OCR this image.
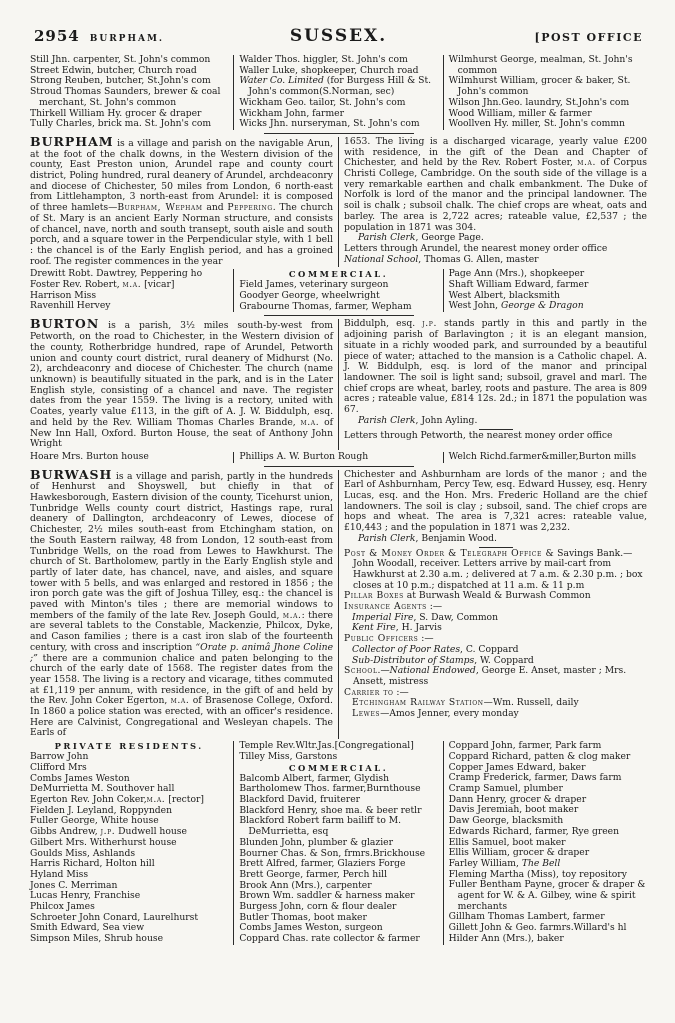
2954 BURPHAM.	SUSSEX.	[POST OFFICE
Still Jhn. carpenter, St. John's common
Street Edwin, butcher, Church road
Strong Reuben, butcher, St.John's com
Stroud Thomas Saunders, brewer & coal merchant, St. John's common
Thirkell William Hy. grocer & draper
Tully Charles, brick ma. St. John's com
Walder Thos. higgler, St. John's com
Waller Luke, shopkeeper, Church road
Water Co. Limited (for Burgess Hill & St. John's common(S.Norman, sec)
Wickham Geo. tailor, St. John's com
Wickham John, farmer
Wicks Jhn. nurseryman, St. John's com
Wilmhurst George, mealman, St. John's common
Wilmhurst William, grocer & baker, St. John's common
Wilson Jhn.Geo. laundry, St.John's com
Wood William, miller & farmer
Woollven Hy. miller, St. John's commn
BURPHAM is a village and parish on the navigable Arun, at the foot of the chalk downs, in the Western division of the county, East Preston union, Arundel rape and county court district, Poling hundred, rural deanery of Arundel, archdeaconry and diocese of Chichester, 50 miles from London, 6 north-east from Littlehampton, 3 north-east from Arundel: it is composed of three hamlets—Burpham, Wepham and Peppering. The church of St. Mary is an ancient Early Norman structure, and consists of chancel, nave, north and south transept, south aisle and south porch, and a square tower in the Perpendicular style, with 1 bell : the chancel is of the Early English period, and has a groined roof. The register commences in the year
1653. The living is a discharged vicarage, yearly value £200 with residence, in the gift of the Dean and Chapter of Chichester, and held by the Rev. Robert Foster, m.a. of Corpus Christi College, Cambridge. On the south side of the village is a very remarkable earthen and chalk embankment. The Duke of Norfolk is lord of the manor and the principal landowner. The soil is chalk ; subsoil chalk. The chief crops are wheat, oats and barley. The area is 2,722 acres; rateable value, £2,537 ; the population in 1871 was 304.
Parish Clerk, George Page.
Letters through Arundel, the nearest money order office
National School, Thomas G. Allen, master
Drewitt Robt. Dawtrey, Peppering ho
Foster Rev. Robert, m.a. [vicar]
Harrison Miss
Ravenhill Hervey
COMMERCIAL.
Field James, veterinary surgeon
Goodyer George, wheelwright
Grabourne Thomas, farmer, Wepham
Page Ann (Mrs.), shopkeeper
Shaft William Edward, farmer
West Albert, blacksmith
West John, George & Dragon
BURTON is a parish, 3½ miles south-by-west from Petworth, on the road to Chichester, in the Western division of the county, Rotherbridge hundred, rape of Arundel, Petworth union and county court district, rural deanery of Midhurst (No. 2), archdeaconry and diocese of Chichester. The church (name unknown) is beautifully situated in the park, and is in the Later English style, consisting of a chancel and nave. The register dates from the year 1559. The living is a rectory, united with Coates, yearly value £113, in the gift of A. J. W. Biddulph, esq. and held by the Rev. William Thomas Charles Brande, m.a. of New Inn Hall, Oxford. Burton House, the seat of Anthony John Wright
Biddulph, esq. j.p. stands partly in this and partly in the adjoining parish of Barlavington ; it is an elegant mansion, situate in a richly wooded park, and surrounded by a beautiful piece of water; attached to the mansion is a Catholic chapel. A. J. W. Biddulph, esq. is lord of the manor and principal landowner. The soil is light sand; subsoil, gravel and marl. The chief crops are wheat, barley, roots and pasture. The area is 809 acres ; rateable value, £814 12s. 2d.; in 1871 the population was 67.
Parish Clerk, John Ayling.
Letters through Petworth, the nearest money order office
Hoare Mrs. Burton house	Phillips A. W. Burton Rough	Welch Richd.farmer&miller,Burton mills
BURWASH is a village and parish, partly in the hundreds of Henhurst and Shoyswell, but chiefly in that of Hawkesborough, Eastern division of the county, Ticehurst union, Tunbridge Wells county court district, Hastings rape, rural deanery of Dallington, archdeaconry of Lewes, diocese of Chichester, 2½ miles south-east from Etchingham station, on the South Eastern railway, 48 from London, 12 south-east from Tunbridge Wells, on the road from Lewes to Hawkhurst. The church of St. Bartholomew, partly in the Early English style and partly of later date, has chancel, nave, and aisles, and square tower with 5 bells, and was enlarged and restored in 1856 ; the iron porch gate was the gift of Joshua Tilley, esq.: the chancel is paved with Minton's tiles ; there are memorial windows to members of the family of the late Rev. Joseph Gould, m.a.: there are several tablets to the Constable, Mackenzie, Philcox, Dyke, and Cason families ; there is a cast iron slab of the fourteenth century, with cross and inscription “Orate p. animâ Jhone Coline ;” there are a communion chalice and paten belonging to the church of the early date of 1568. The register dates from the year 1558. The living is a rectory and vicarage, tithes commuted at £1,119 per annum, with residence, in the gift of and held by the Rev. John Coker Egerton, m.a. of Brasenose College, Oxford. In 1860 a police station was erected, with an officer's residence. Here are Calvinist, Congregational and Wesleyan chapels. The Earls of
Chichester and Ashburnham are lords of the manor ; and the Earl of Ashburnham, Percy Tew, esq. Edward Hussey, esq. Henry Lucas, esq. and the Hon. Mrs. Frederic Holland are the chief landowners. The soil is clay ; subsoil, sand. The chief crops are hops and wheat. The area is 7,321 acres: rateable value, £10,443 ; and the population in 1871 was 2,232.
Parish Clerk, Benjamin Wood.
Post & Money Order & Telegraph Office & Savings Bank.—John Woodall, receiver. Letters arrive by mail-cart from Hawkhurst at 2.30 a.m. ; delivered at 7 a.m. & 2.30 p.m. ; box closes at 10 p.m.; dispatched at 11 a.m. & 11 p.m
Pillar Boxes at Burwash Weald & Burwash Common
Insurance Agents :—
Imperial Fire, S. Daw, Common
Kent Fire, H. Jarvis
Public Officers :—
Collector of Poor Rates, C. Coppard
Sub-Distributor of Stamps, W. Coppard
School.—National Endowed, George E. Anset, master ; Mrs. Ansett, mistress
Carrier to :—
Etchingham Railway Station—Wm. Russell, daily
Lewes—Amos Jenner, every monday
PRIVATE RESIDENTS.
Barrow John
Clifford Mrs
Combs James Weston
DeMurrietta M. Southover hall
Egerton Rev. John Coker,m.a. [rector]
Fielden J. Leyland, Roppynden
Fuller George, White house
Gibbs Andrew, j.p. Dudwell house
Gilbert Mrs. Witherhurst house
Goulds Miss, Ashlands
Harris Richard, Holton hill
Hyland Miss
Jones C. Merriman
Lucas Henry, Franchise
Philcox James
Schroeter John Conard, Laurelhurst
Smith Edward, Sea view
Simpson Miles, Shrub house
Temple Rev.Wltr.Jas.[Congregational]
Tilley Miss, Garstons
COMMERCIAL.
Balcomb Albert, farmer, Glydish
Bartholomew Thos. farmer,Burnthouse
Blackford David, fruiterer
Blackford Henry, shoe ma. & beer retlr
Blackford Robert farm bailiff to M. DeMurrietta, esq
Blunden John, plumber & glazier
Bourner Chas. & Son, frmrs.Brickhouse
Brett Alfred, farmer, Glaziers Forge
Brett George, farmer, Perch hill
Brook Ann (Mrs.), carpenter
Brown Wm. saddler & harness maker
Burgess John, corn & flour dealer
Butler Thomas, boot maker
Combs James Weston, surgeon
Coppard Chas. rate collector & farmer
Coppard John, farmer, Park farm
Coppard Richard, patten & clog maker
Copper James Edward, baker
Cramp Frederick, farmer, Daws farm
Cramp Samuel, plumber
Dann Henry, grocer & draper
Davis Jeremiah, boot maker
Daw George, blacksmith
Edwards Richard, farmer, Rye green
Ellis Samuel, boot maker
Ellis William, grocer & draper
Farley William, The Bell
Fleming Martha (Miss), toy repository
Fuller Bentham Payne, grocer & draper & agent for W. & A. Gilbey, wine & spirit merchants
Gillham Thomas Lambert, farmer
Gillett John & Geo. farmrs.Willard's hl
Hilder Ann (Mrs.), baker
